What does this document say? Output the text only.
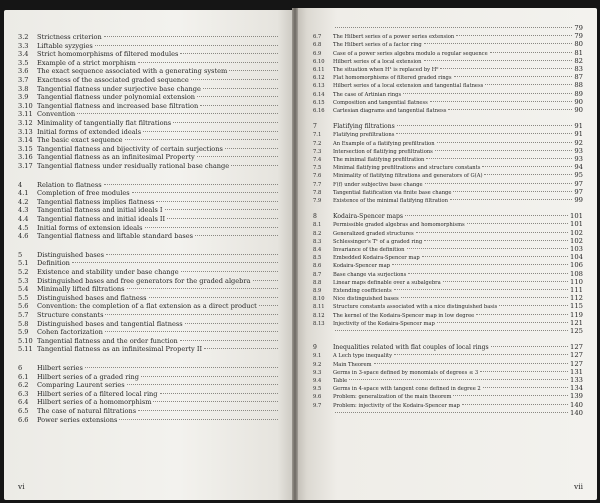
3.2	Strictness criterion
3.3	Liftable syzygies
3.4	Strict homomorphisms of filtered modules
3.5	Example of a strict morphism
3.6	The exact sequence associated with a generating system
3.7	Exactness of the associated graded sequence
3.8	Tangential flatness under surjective base change
3.9	Tangential flatness under polynomial extension
3.10 Tangential flatness and increased base filtration
3.11 Convention
3.12 Minimality of tangentially flat filtrations
3.13 Initial forms of extended ideals
3.14 The basic exact sequence
3.15 Tangential flatness and bijectivity of certain surjections
3.16 Tangential flatness as an infinitesimal Property
3.17 Tangential flatness under residually rational base change
4	Relation to flatness
4.1	Completion of free modules
4.2	Tangential flatness implies flatness
4.3	Tangential flatness and initial ideals I
4.4	Tangential flatness and initial ideals II
4.5	Initial forms of extension ideals
4.6	Tangential flatness and liftable standard bases
5	Distinguished bases
5.1	Definition
5.2	Existence and stability under base change
5.3	Distinguished bases and free generators for the graded algebra
5.4	Minimally lifted filtrations
5.5	Distinguished bases and flatness
5.6	Convention: the completion of a flat extension as a direct product
5.7	Structure constants
5.8	Distinguished bases and tangential flatness
5.9	Cohen factorization
5.10 Tangential flatness and the order function
5.11 Tangential flatness as an infinitesimal Property II
6	Hilbert series
6.1	Hilbert series of a graded ring
6.2	Comparing Laurent series
6.3	Hilbert series of a filtered local ring
6.4	Hilbert series of a homomorphism
6.5	The case of natural filtrations
6.6	Power series extensions
vi
79
6.7	The Hilbert series of a power series extension	79
6.8	The Hilbert series of a factor ring	80
6.9	Case of a power series algebra modulo a regular sequence	81
6.10	Hilbert series of a local extension	82
6.11	The situation when H¹ is replaced by H⁰	83
6.12	Flat homomorphisms of filtered graded rings	87
6.13	Hilbert series of a local extension and tangential flatness	88
6.14	The case of Artinian rings	89
6.15	Composition and tangential flatness	90
6.16	Cartesian diagrams and tangential flatness	90
7	Flatifying filtrations	91
7.1	Flatifying prefiltrations	91
7.2	An Example of a flatifying prefiltration	92
7.3	Intersection of flatifying prefiltrations	93
7.4	The minimal flatifying prefiltration	93
7.5	Minimal flatifying prefiltrations and structure constants	94
7.6	Minimality of flatifying filtrations and generators of G(A)	95
7.7	F(f) under subjective base change	97
7.8	Tangential flatification via finite base change	97
7.9	Existence of the minimal flatifying filtration	99
8	Kodaira-Spencer maps	101
8.1	Permissible graded algebras and homomorphisms	101
8.2	Generalized graded structures	102
8.3	Schlessinger's T¹ of a graded ring	102
8.4	Invariance of the definition	103
8.5	Embedded Kodaira-Spencer map	104
8.6	Kodaira-Spencer map	106
8.7	Base change via surjections	108
8.8	Linear maps definable over a subalgebra	110
8.9	Extending coefficients	111
8.10	Nice distinguished bases	112
8.11	Structure constants associated with a nice distinguished basis	115
8.12	The kernel of the Kodaira-Spencer map in low degree	119
8.13	Injectivity of the Kodaira-Spencer map	121
125
9	Inequalities related with flat couples of local rings	127
9.1	A Lech type inequality	127
9.2	Main Theorem	127
9.3	Germs in 3-space defined by monomials of degrees ≤ 3	131
9.4	Table	133
9.5	Germs in 4-space with tangent cone defined in degree 2	134
9.6	Problem: generalization of the main theorem	139
9.7	Problem: injectivity of the Kodaira-Spencer map	140
140
vii
